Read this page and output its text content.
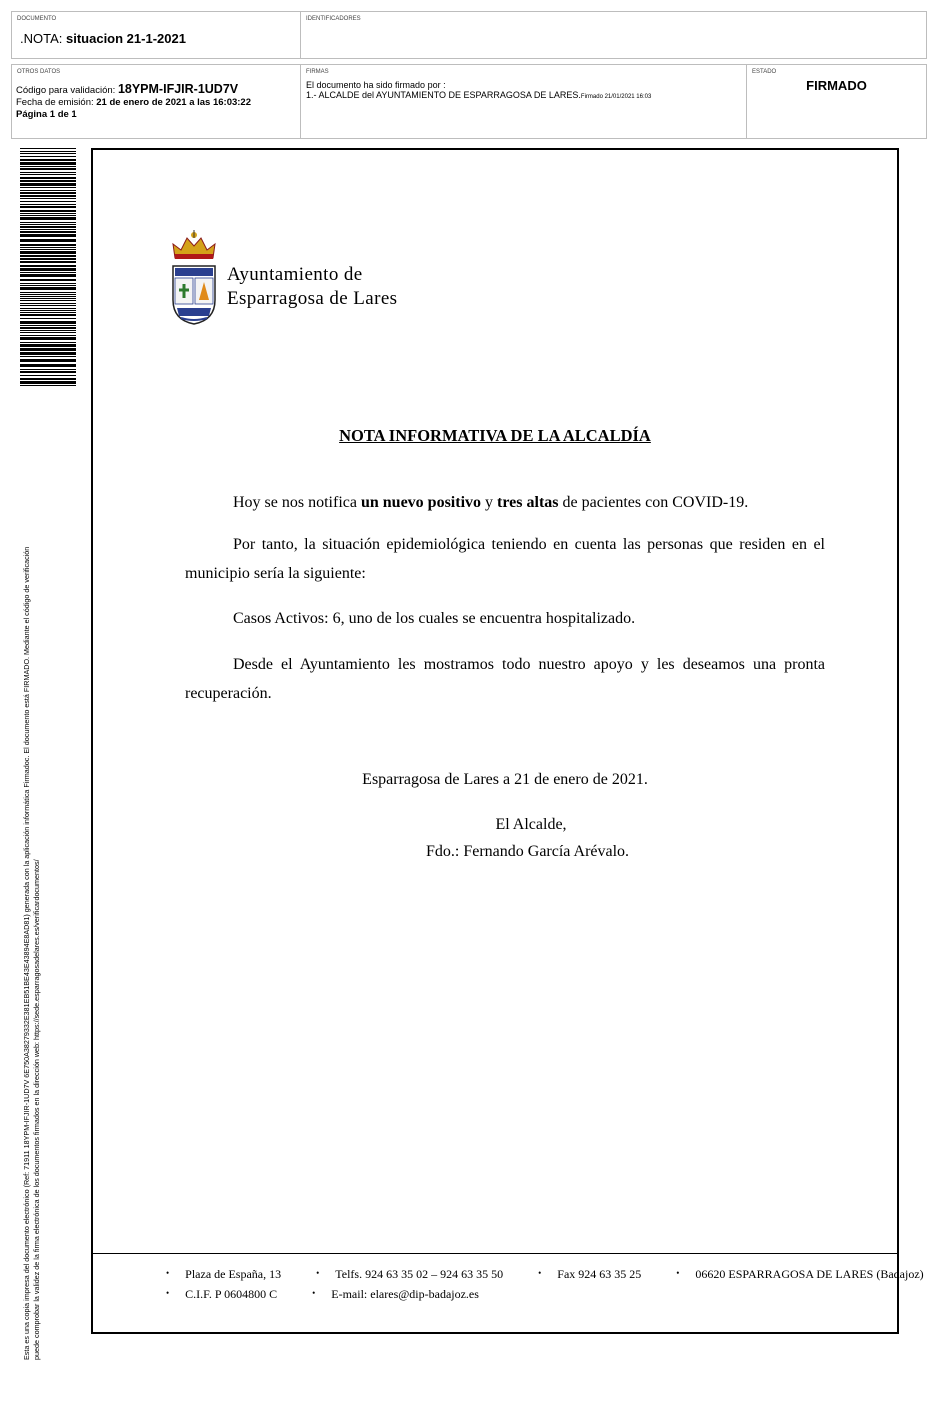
DOCUMENTO
.NOTA: situacion 21-1-2021
IDENTIFICADORES
OTROS DATOS
Código para validación: 18YPM-IFJIR-1UD7V
Fecha de emisión: 21 de enero de 2021 a las 16:03:22
Página 1 de 1
FIRMAS
El documento ha sido firmado por :
1.- ALCALDE del AYUNTAMIENTO DE ESPARRAGOSA DE LARES.Firmado 21/01/2021 16:03
ESTADO
FIRMADO
Esta es una copia impresa del documento electrónico (Ref: 71911 18YPM-IFJIR-1UD7V 6E750A38279332E381EB51BE43E43894E8AD81) generada con la aplicación informática Firmadoc. El documento está FIRMADO. Mediante el código de verificación puede comprobar la validez de la firma electrónica de los documentos firmados en la dirección web: https://sede.esparragosadelares.es/verificardocumentos/
Ayuntamiento de
Esparragosa de Lares
NOTA INFORMATIVA DE LA ALCALDÍA
Hoy se nos notifica un nuevo positivo y tres altas de pacientes con COVID-19.
Por tanto, la situación epidemiológica teniendo en cuenta las personas que residen en el municipio sería la siguiente:
Casos Activos: 6, uno de los cuales se encuentra hospitalizado.
Desde el Ayuntamiento les mostramos todo nuestro apoyo y les deseamos una pronta recuperación.
Esparragosa de Lares a 21 de enero de 2021.
El Alcalde,
Fdo.: Fernando García Arévalo.
• Plaza de España, 13	• Telfs. 924 63 35 02 – 924 63 35 50	• Fax 924 63 35 25	• 06620 ESPARRAGOSA DE LARES (Badajoz)
• C.I.F. P 0604800 C	• E-mail: elares@dip-badajoz.es
